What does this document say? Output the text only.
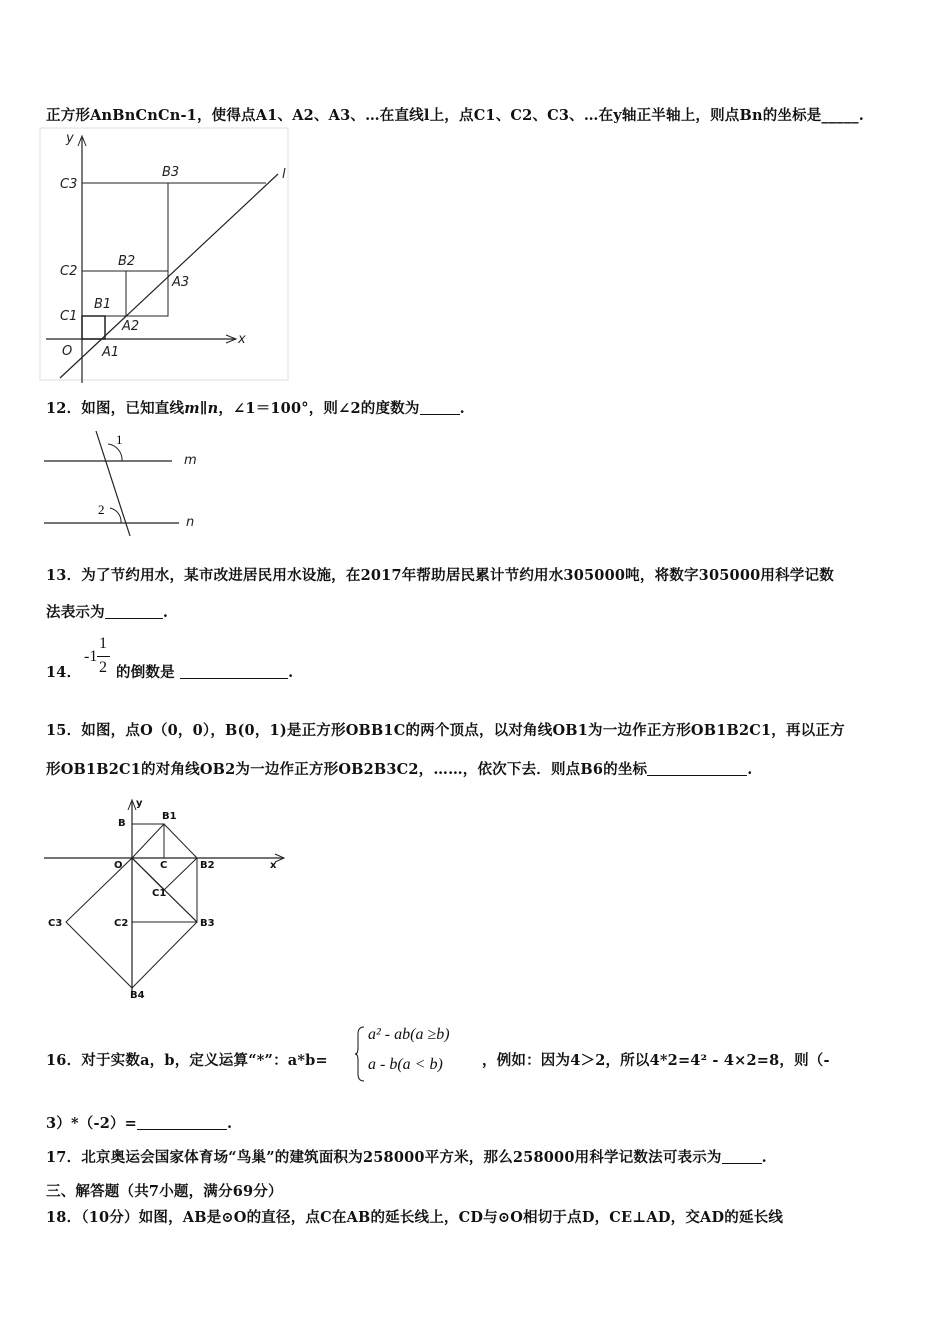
正方形AnBnCnCn-1，使得点A1、A2、A3、…在直线l上，点C1、C2、C3、…在y轴正半轴上，则点Bn的坐标是_____.
y
x
l
O
C1
C2
C3
B1
B2
B3
A1
A2
A3
12．如图，已知直线m∥n，∠1＝100°，则∠2的度数为	.
1
2
m
n
13．为了节约用水，某市改进居民用水设施，在2017年帮助居民累计节约用水305000吨，将数字305000用科学记数
法表示为	.
14．
-1
1
2 的倒数是	.
15．如图，点O（0，0），B(0，1)是正方形OBB1C的两个顶点，以对角线OB1为一边作正方形OB1B2C1，再以正方
形OB1B2C1的对角线OB2为一边作正方形OB2B3C2，……，依次下去．则点B6的坐标	.
y
x
B
B1
O	C	B2
C1
C2	B3
C3
B4
16．对于实数a，b，定义运算“*”：a*b=
a² - ab(a ≥b)
a - b(a < b)	，例如：因为4＞2，所以4*2=4² - 4×2=8，则（-
3）*（-2）=	.
17．北京奥运会国家体育场“鸟巢”的建筑面积为258000平方米，那么258000用科学记数法可表示为	.
三、解答题（共7小题，满分69分）
18．（10分）如图，AB是⊙O的直径，点C在AB的延长线上，CD与⊙O相切于点D，CE⊥AD，交AD的延长线
